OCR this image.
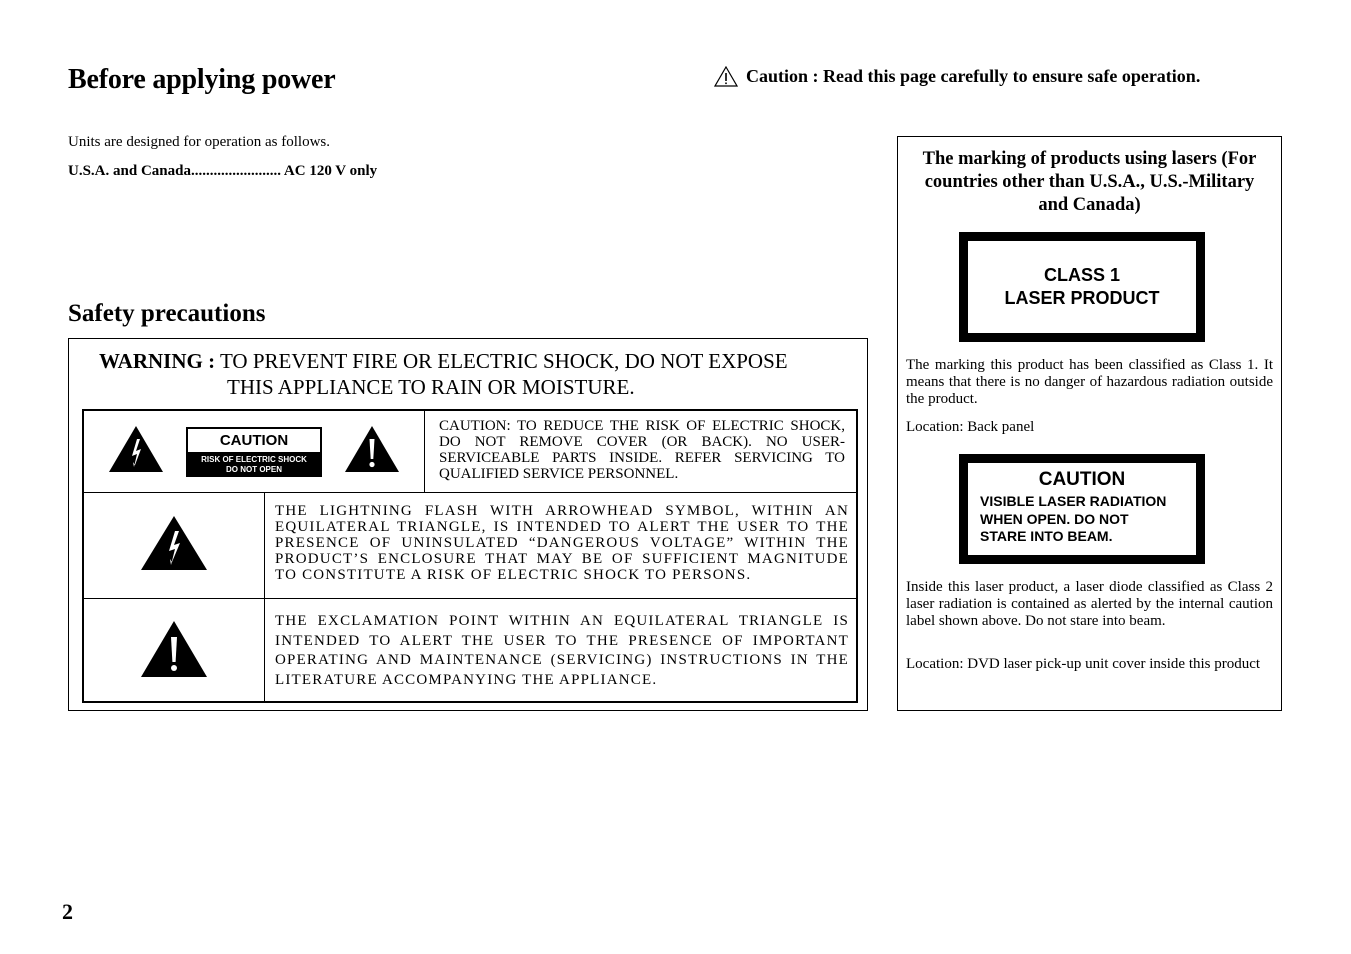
Before applying power	Caution : Read this page carefully to ensure safe operation.

Units are designed for operation as follows.

U.S.A. and Canada........................ AC 120 V only

Safety precautions
WARNING : TO PREVENT FIRE OR ELECTRIC SHOCK, DO NOT EXPOSE
THIS APPLIANCE TO RAIN OR MOISTURE.
CAUTION
RISK OF ELECTRIC SHOCK
DO NOT OPEN
CAUTION: TO REDUCE THE RISK OF ELECTRIC SHOCK, DO NOT REMOVE COVER (OR BACK). NO USER-SERVICEABLE PARTS INSIDE. REFER SERVICING TO QUALIFIED SERVICE PERSONNEL.
THE LIGHTNING FLASH WITH ARROWHEAD SYMBOL, WITHIN AN EQUILATERAL TRIANGLE, IS INTENDED TO ALERT THE USER TO THE PRESENCE OF UNINSULATED “DANGEROUS VOLTAGE” WITHIN THE PRODUCT’S ENCLOSURE THAT MAY BE OF SUFFICIENT MAGNITUDE TO CONSTITUTE A RISK OF ELECTRIC SHOCK TO PERSONS.
THE EXCLAMATION POINT WITHIN AN EQUILATERAL TRIANGLE IS INTENDED TO ALERT THE USER TO THE PRESENCE OF IMPORTANT OPERATING AND MAINTENANCE (SERVICING) INSTRUCTIONS IN THE LITERATURE ACCOMPANYING THE APPLIANCE.
The marking of products using lasers (For countries other than U.S.A., U.S.-Military and Canada)
CLASS 1
LASER PRODUCT

The marking this product has been classified as Class 1. It means that there is no danger of hazardous radiation outside the product.

Location: Back panel

CAUTION
VISIBLE LASER RADIATION
WHEN OPEN. DO NOT
STARE INTO BEAM.

Inside this laser product, a laser diode classified as Class 2 laser radiation is contained as alerted by the internal caution label shown above. Do not stare into beam.

Location: DVD laser pick-up unit cover inside this product

2
